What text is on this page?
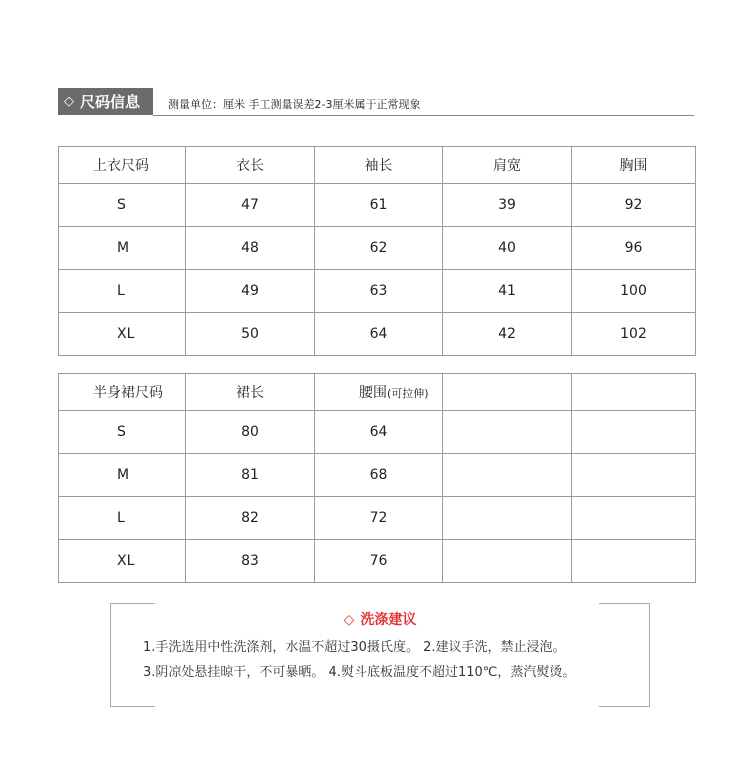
◇ 尺码信息	测量单位：厘米 手工测量误差2-3厘米属于正常现象
上衣尺码	衣长	袖长	肩宽	胸围
S	47	61	39	92
M	48	62	40	96
L	49	63	41	100
XL	50	64	42	102
半身裙尺码	裙长	腰围(可拉伸)		
S	80	64		
M	81	68		
L	82	72		
XL	83	76		
◇ 洗涤建议
1.手洗选用中性洗涤剂，水温不超过30摄氏度。 2.建议手洗，禁止浸泡。
3.阴凉处悬挂晾干，不可暴晒。 4.熨斗底板温度不超过110℃，蒸汽熨烫。
